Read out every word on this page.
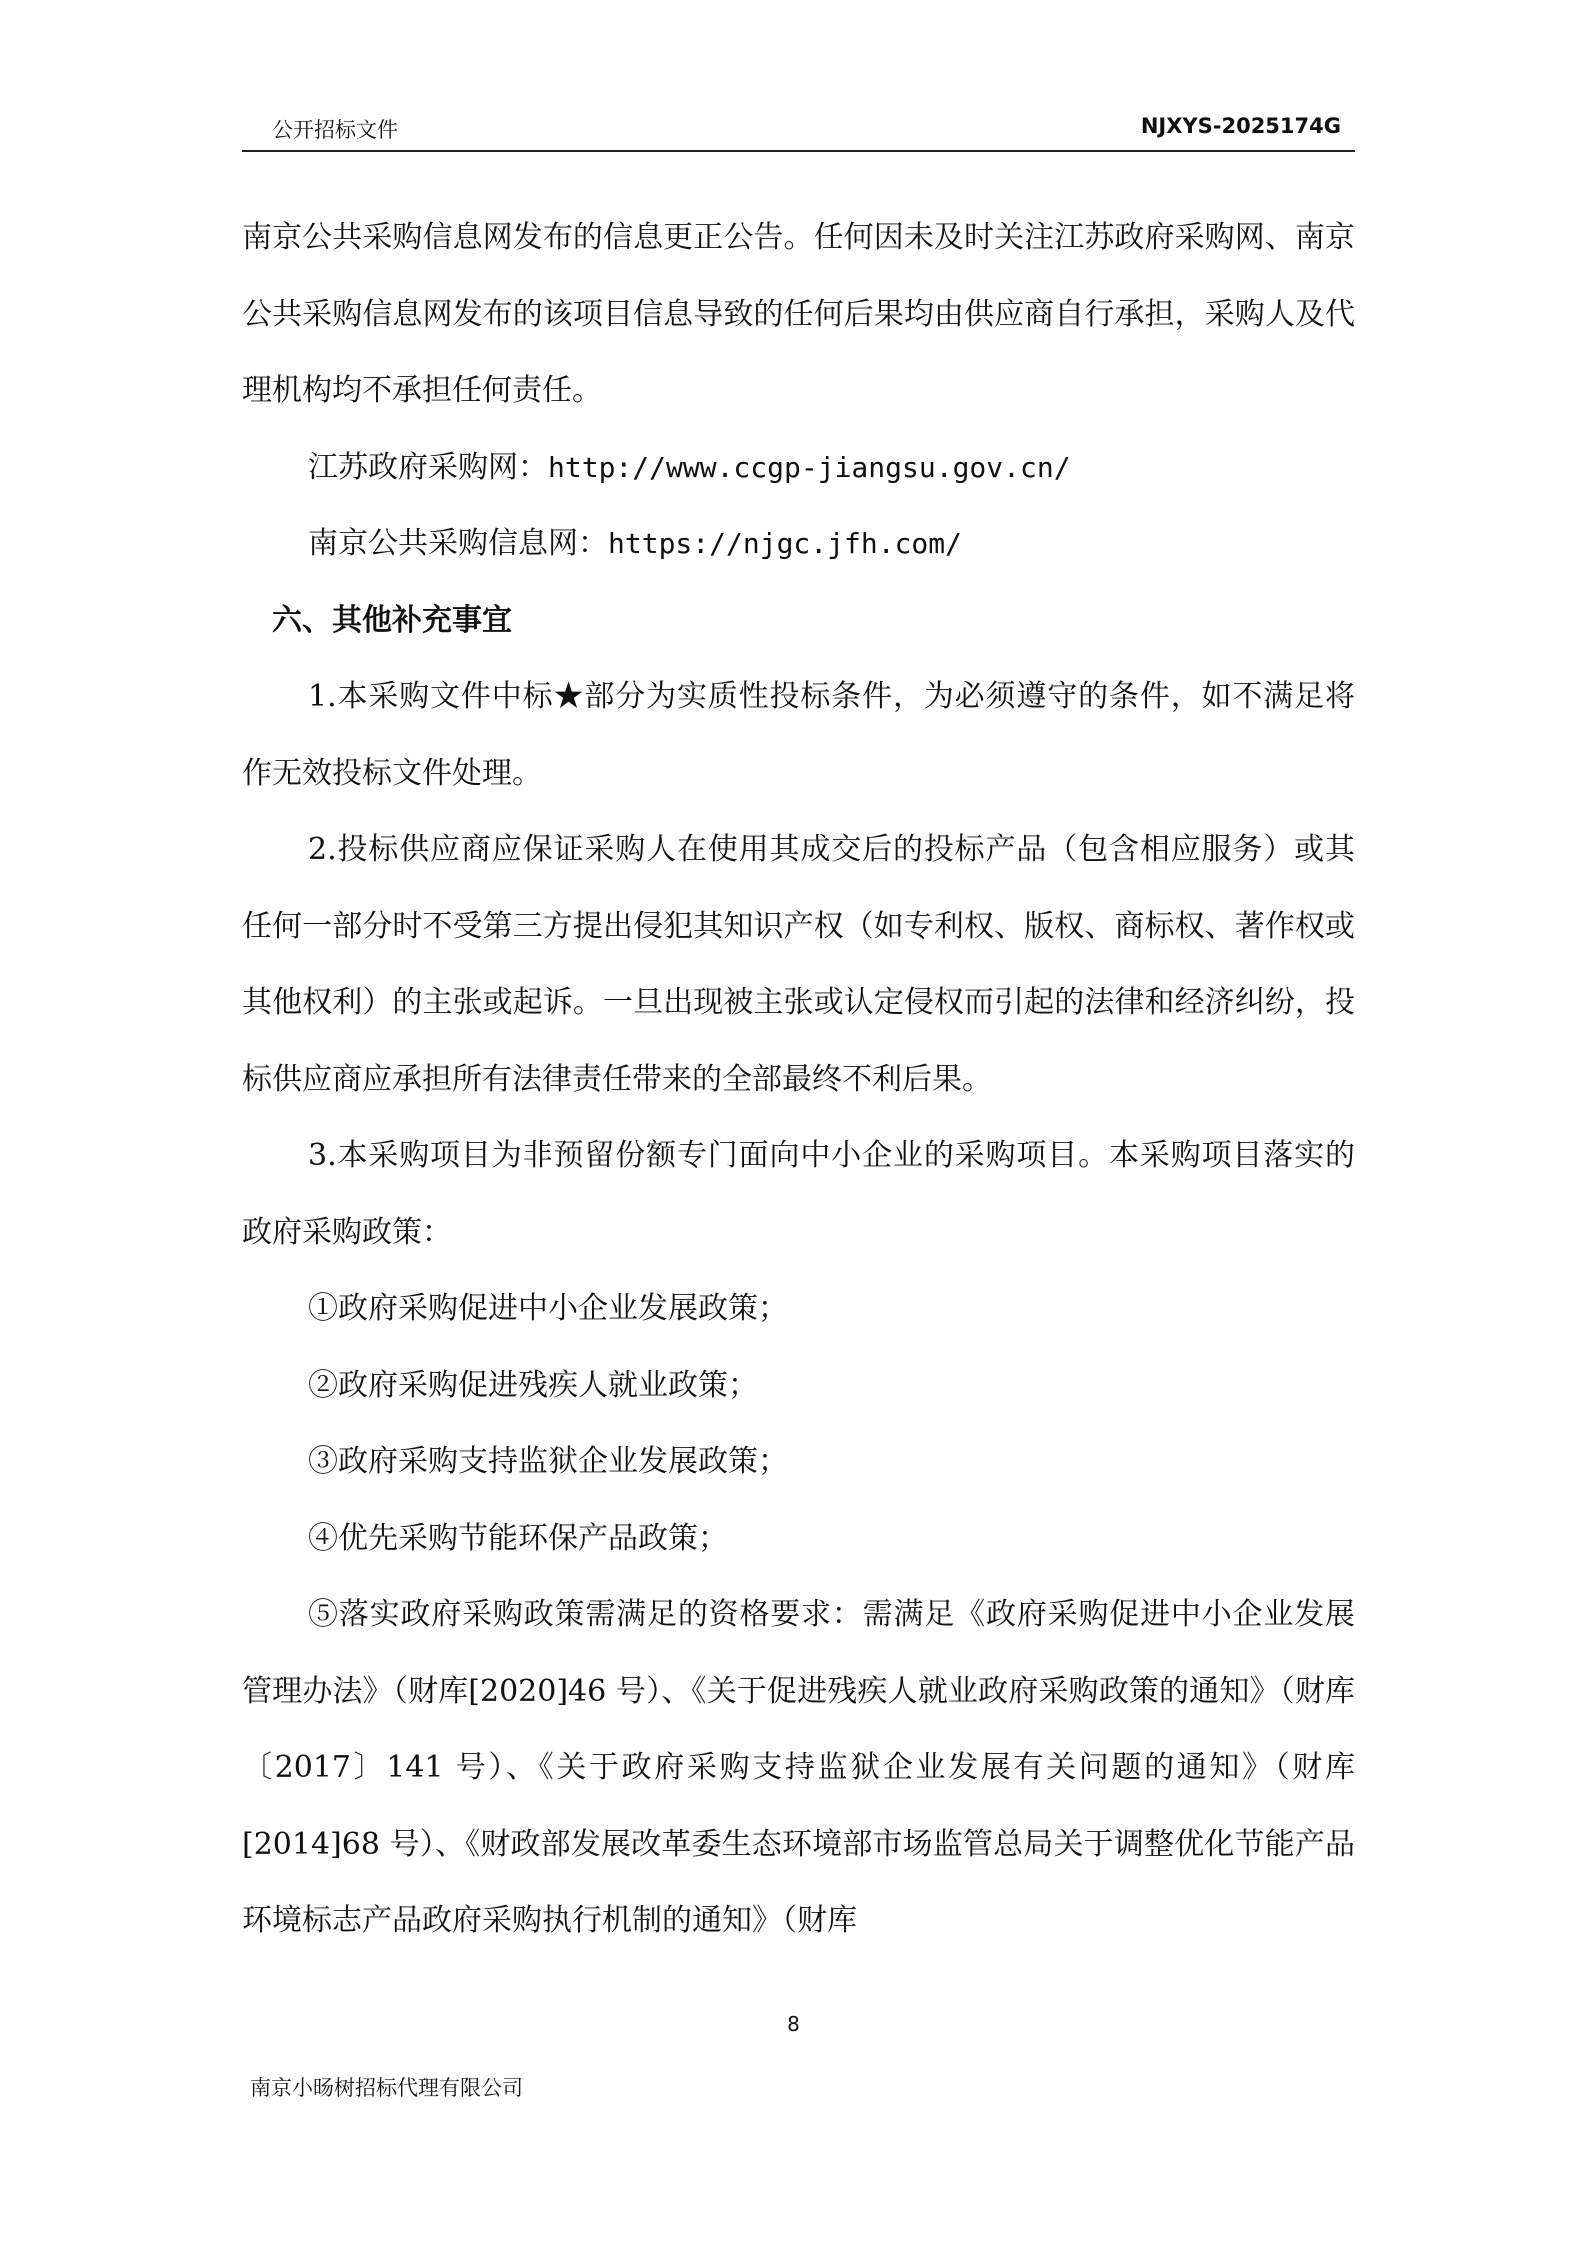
公开招标文件	NJXYS-2025174G

南京公共采购信息网发布的信息更正公告。任何因未及时关注江苏政府采购网、南京公共采购信息网发布的该项目信息导致的任何后果均由供应商自行承担，采购人及代理机构均不承担任何责任。

江苏政府采购网：http://www.ccgp-jiangsu.gov.cn/

南京公共采购信息网：https://njgc.jfh.com/

六、其他补充事宜

1.本采购文件中标★部分为实质性投标条件，为必须遵守的条件，如不满足将作无效投标文件处理。

2.投标供应商应保证采购人在使用其成交后的投标产品（包含相应服务）或其任何一部分时不受第三方提出侵犯其知识产权（如专利权、版权、商标权、著作权或其他权利）的主张或起诉。一旦出现被主张或认定侵权而引起的法律和经济纠纷，投标供应商应承担所有法律责任带来的全部最终不利后果。

3.本采购项目为非预留份额专门面向中小企业的采购项目。本采购项目落实的政府采购政策：

①政府采购促进中小企业发展政策；

②政府采购促进残疾人就业政策；

③政府采购支持监狱企业发展政策；

④优先采购节能环保产品政策；

⑤落实政府采购政策需满足的资格要求：需满足《政府采购促进中小企业发展管理办法》（财库[2020]46 号）、《关于促进残疾人就业政府采购政策的通知》（财库〔2017〕141 号）、《关于政府采购支持监狱企业发展有关问题的通知》（财库[2014]68 号）、《财政部发展改革委生态环境部市场监管总局关于调整优化节能产品环境标志产品政府采购执行机制的通知》（财库

8
南京小旸树招标代理有限公司
